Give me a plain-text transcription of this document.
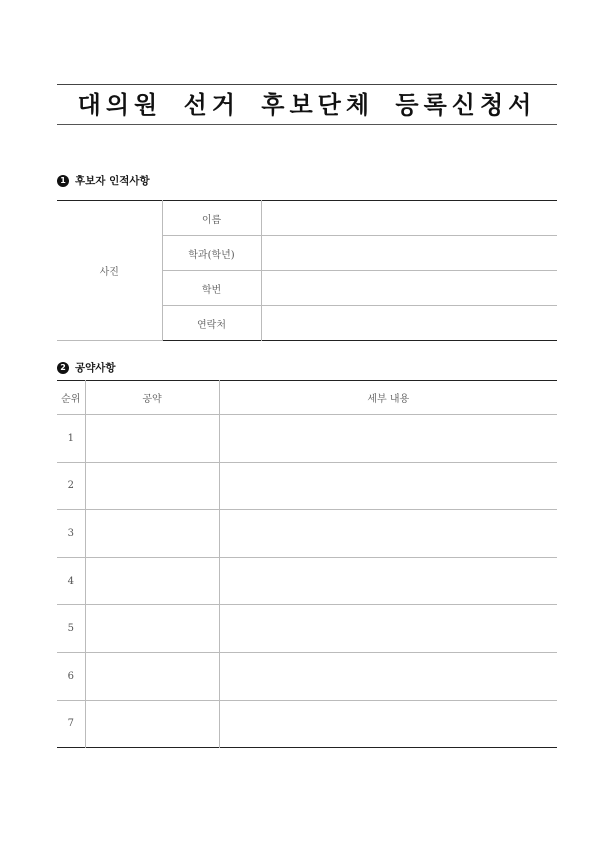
대의원 선거 후보단체 등록신청서
1 후보자 인적사항
사진	이름	
	학과(학년)	
	학번	
	연락처	
2 공약사항
순위	공약	세부 내용
1		
2		
3		
4		
5		
6		
7		
